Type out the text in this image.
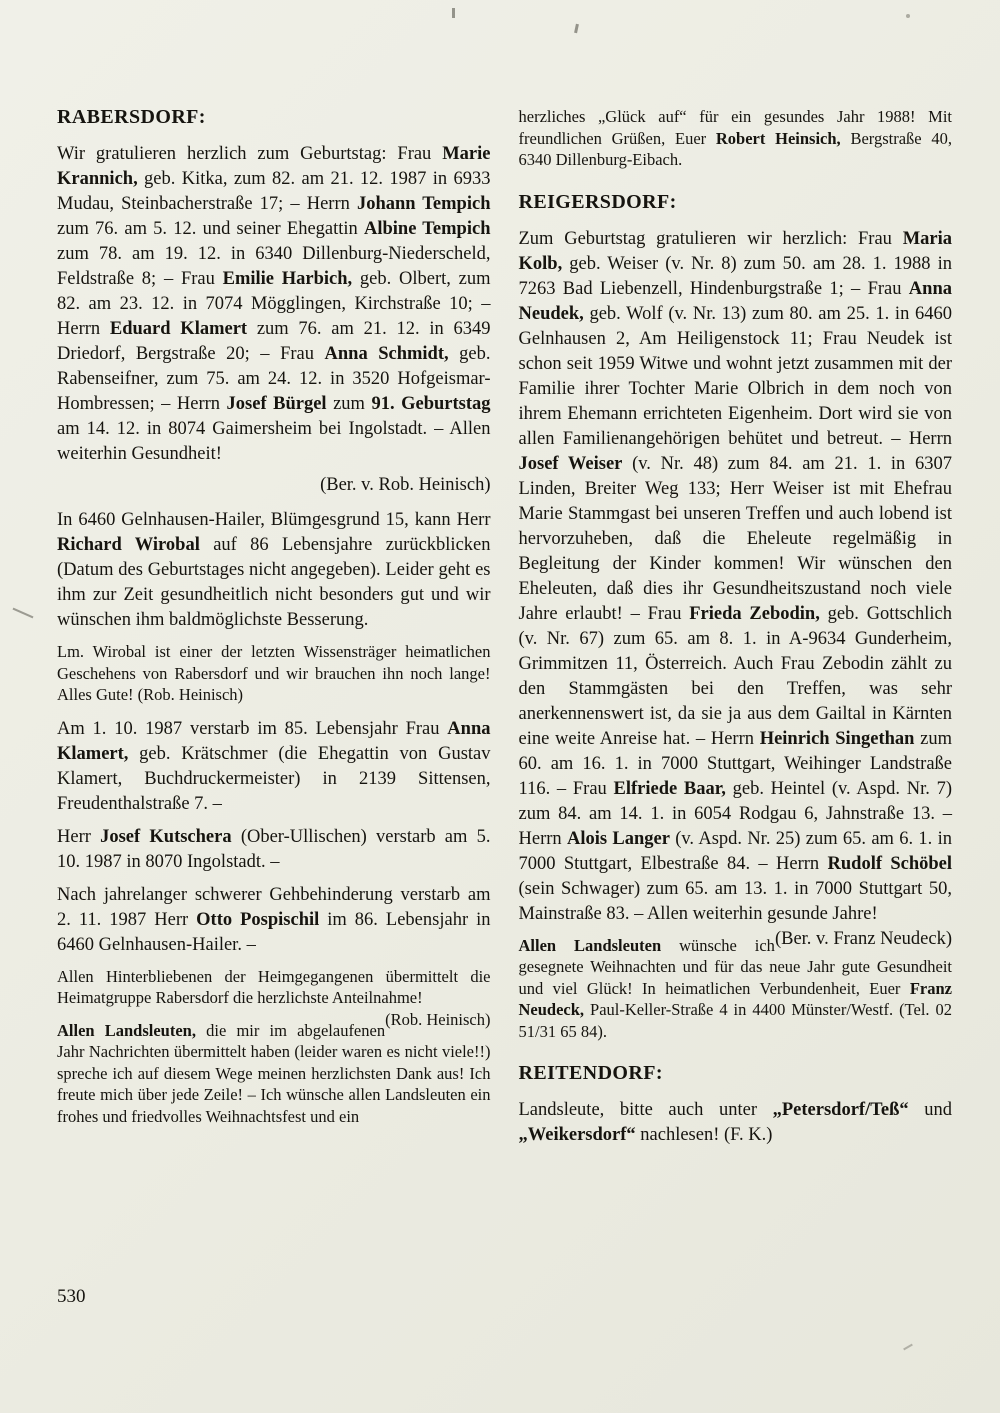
RABERSDORF:

Wir gratulieren herzlich zum Geburtstag: Frau Marie Krannich, geb. Kitka, zum 82. am 21. 12. 1987 in 6933 Mudau, Steinbacherstraße 17; – Herrn Johann Tempich zum 76. am 5. 12. und seiner Ehegattin Albine Tempich zum 78. am 19. 12. in 6340 Dillenburg-Niederscheld, Feldstraße 8; – Frau Emilie Harbich, geb. Olbert, zum 82. am 23. 12. in 7074 Mögglingen, Kirchstraße 10; – Herrn Eduard Klamert zum 76. am 21. 12. in 6349 Driedorf, Bergstraße 20; – Frau Anna Schmidt, geb. Rabenseifner, zum 75. am 24. 12. in 3520 Hofgeismar-Hombressen; – Herrn Josef Bürgel zum 91. Geburtstag am 14. 12. in 8074 Gaimersheim bei Ingolstadt. – Allen weiterhin Gesundheit!

(Ber. v. Rob. Heinisch)

In 6460 Gelnhausen-Hailer, Blümgesgrund 15, kann Herr Richard Wirobal auf 86 Lebensjahre zurückblicken (Datum des Geburtstages nicht angegeben). Leider geht es ihm zur Zeit gesundheitlich nicht besonders gut und wir wünschen ihm baldmöglichste Besserung.

Lm. Wirobal ist einer der letzten Wissensträger heimatlichen Geschehens von Rabersdorf und wir brauchen ihn noch lange! Alles Gute! (Rob. Heinisch)

Am 1. 10. 1987 verstarb im 85. Lebensjahr Frau Anna Klamert, geb. Krätschmer (die Ehegattin von Gustav Klamert, Buchdruckermeister) in 2139 Sittensen, Freudenthalstraße 7. –

Herr Josef Kutschera (Ober-Ullischen) verstarb am 5. 10. 1987 in 8070 Ingolstadt. –

Nach jahrelanger schwerer Gehbehinderung verstarb am 2. 11. 1987 Herr Otto Pospischil im 86. Lebensjahr in 6460 Gelnhausen-Hailer. –

Allen Hinterbliebenen der Heimgegangenen übermittelt die Heimatgruppe Rabersdorf die herzlichste Anteilnahme!
(Rob. Heinisch)

Allen Landsleuten, die mir im abgelaufenen Jahr Nachrichten übermittelt haben (leider waren es nicht viele!!) spreche ich auf diesem Wege meinen herzlichsten Dank aus! Ich freute mich über jede Zeile! – Ich wünsche allen Landsleuten ein frohes und friedvolles Weihnachtsfest und ein

herzliches „Glück auf“ für ein gesundes Jahr 1988! Mit freundlichen Grüßen, Euer Robert Heinsich, Bergstraße 40, 6340 Dillenburg-Eibach.

REIGERSDORF:

Zum Geburtstag gratulieren wir herzlich: Frau Maria Kolb, geb. Weiser (v. Nr. 8) zum 50. am 28. 1. 1988 in 7263 Bad Liebenzell, Hindenburgstraße 1; – Frau Anna Neudek, geb. Wolf (v. Nr. 13) zum 80. am 25. 1. in 6460 Gelnhausen 2, Am Heiligenstock 11; Frau Neudek ist schon seit 1959 Witwe und wohnt jetzt zusammen mit der Familie ihrer Tochter Marie Olbrich in dem noch von ihrem Ehemann errichteten Eigenheim. Dort wird sie von allen Familienangehörigen behütet und betreut. – Herrn Josef Weiser (v. Nr. 48) zum 84. am 21. 1. in 6307 Linden, Breiter Weg 133; Herr Weiser ist mit Ehefrau Marie Stammgast bei unseren Treffen und auch lobend ist hervorzuheben, daß die Eheleute regelmäßig in Begleitung der Kinder kommen! Wir wünschen den Eheleuten, daß dies ihr Gesundheitszustand noch viele Jahre erlaubt! – Frau Frieda Zebodin, geb. Gottschlich (v. Nr. 67) zum 65. am 8. 1. in A-9634 Gunderheim, Grimmitzen 11, Österreich. Auch Frau Zebodin zählt zu den Stammgästen bei den Treffen, was sehr anerkennenswert ist, da sie ja aus dem Gailtal in Kärnten eine weite Anreise hat. – Herrn Heinrich Singethan zum 60. am 16. 1. in 7000 Stuttgart, Weihinger Landstraße 116. – Frau Elfriede Baar, geb. Heintel (v. Aspd. Nr. 7) zum 84. am 14. 1. in 6054 Rodgau 6, Jahnstraße 13. – Herrn Alois Langer (v. Aspd. Nr. 25) zum 65. am 6. 1. in 7000 Stuttgart, Elbestraße 84. – Herrn Rudolf Schöbel (sein Schwager) zum 65. am 13. 1. in 7000 Stuttgart 50, Mainstraße 83. – Allen weiterhin gesunde Jahre!
(Ber. v. Franz Neudeck)

Allen Landsleuten wünsche ich gesegnete Weihnachten und für das neue Jahr gute Gesundheit und viel Glück! In heimatlichen Verbundenheit, Euer Franz Neudeck, Paul-Keller-Straße 4 in 4400 Münster/Westf. (Tel. 02 51/31 65 84).

REITENDORF:

Landsleute, bitte auch unter „Petersdorf/Teß“ und „Weikersdorf“ nachlesen! (F. K.)

530
